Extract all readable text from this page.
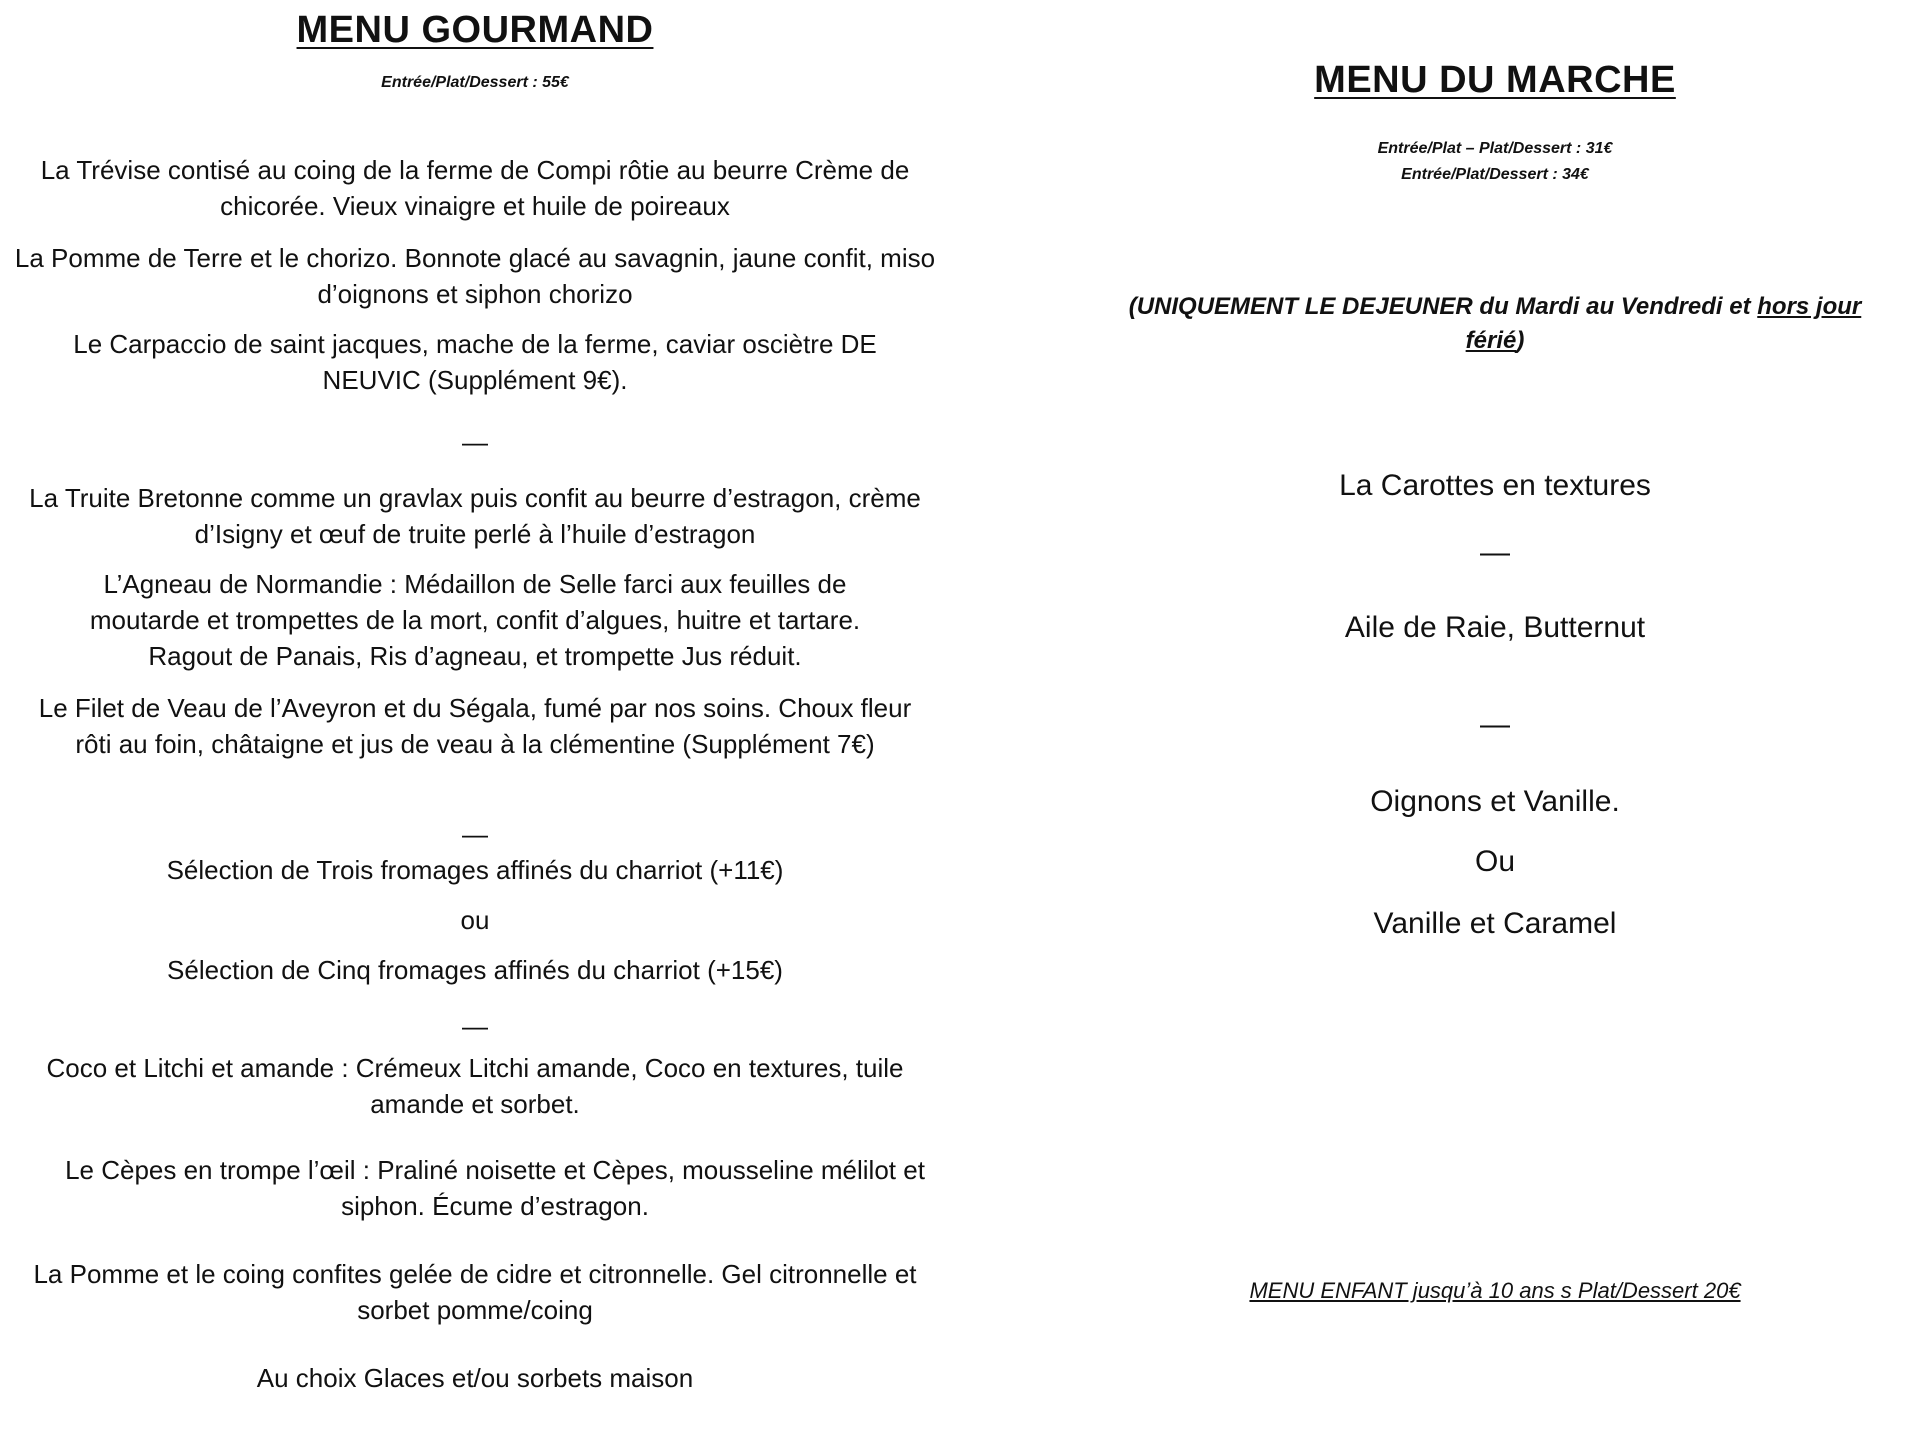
MENU GOURMAND

Entrée/Plat/Dessert : 55€

La Trévise contisé au coing de la ferme de Compi rôtie au beurre Crème de chicorée. Vieux vinaigre et huile de poireaux

La Pomme de Terre et le chorizo. Bonnote glacé au savagnin, jaune confit, miso d’oignons et siphon chorizo

Le Carpaccio de saint jacques, mache de la ferme, caviar osciètre DE NEUVIC (Supplément 9€).

—

La Truite Bretonne comme un gravlax puis confit au beurre d’estragon, crème d’Isigny et œuf de truite perlé à l’huile d’estragon

L’Agneau de Normandie : Médaillon de Selle farci aux feuilles de moutarde et trompettes de la mort, confit d’algues, huitre et tartare. Ragout de Panais, Ris d’agneau, et trompette Jus réduit.

Le Filet de Veau de l’Aveyron et du Ségala, fumé par nos soins. Choux fleur rôti au foin, châtaigne et jus de veau à la clémentine (Supplément 7€)

—

Sélection de Trois fromages affinés du charriot (+11€)

ou

Sélection de Cinq fromages affinés du charriot (+15€)

—

Coco et Litchi et amande : Crémeux Litchi amande, Coco en textures, tuile amande et sorbet.

Le Cèpes en trompe l’œil : Praliné noisette et Cèpes, mousseline mélilot et siphon. Écume d’estragon.

La Pomme et le coing confites gelée de cidre et citronnelle. Gel citronnelle et sorbet pomme/coing

Au choix Glaces et/ou sorbets maison

MENU DU MARCHE

Entrée/Plat – Plat/Dessert : 31€

Entrée/Plat/Dessert : 34€

(UNIQUEMENT LE DEJEUNER du Mardi au Vendredi et hors jour férié)

La Carottes en textures

—

Aile de Raie, Butternut

—

Oignons et Vanille.

Ou

Vanille et Caramel

MENU ENFANT jusqu’à 10 ans s Plat/Dessert 20€
